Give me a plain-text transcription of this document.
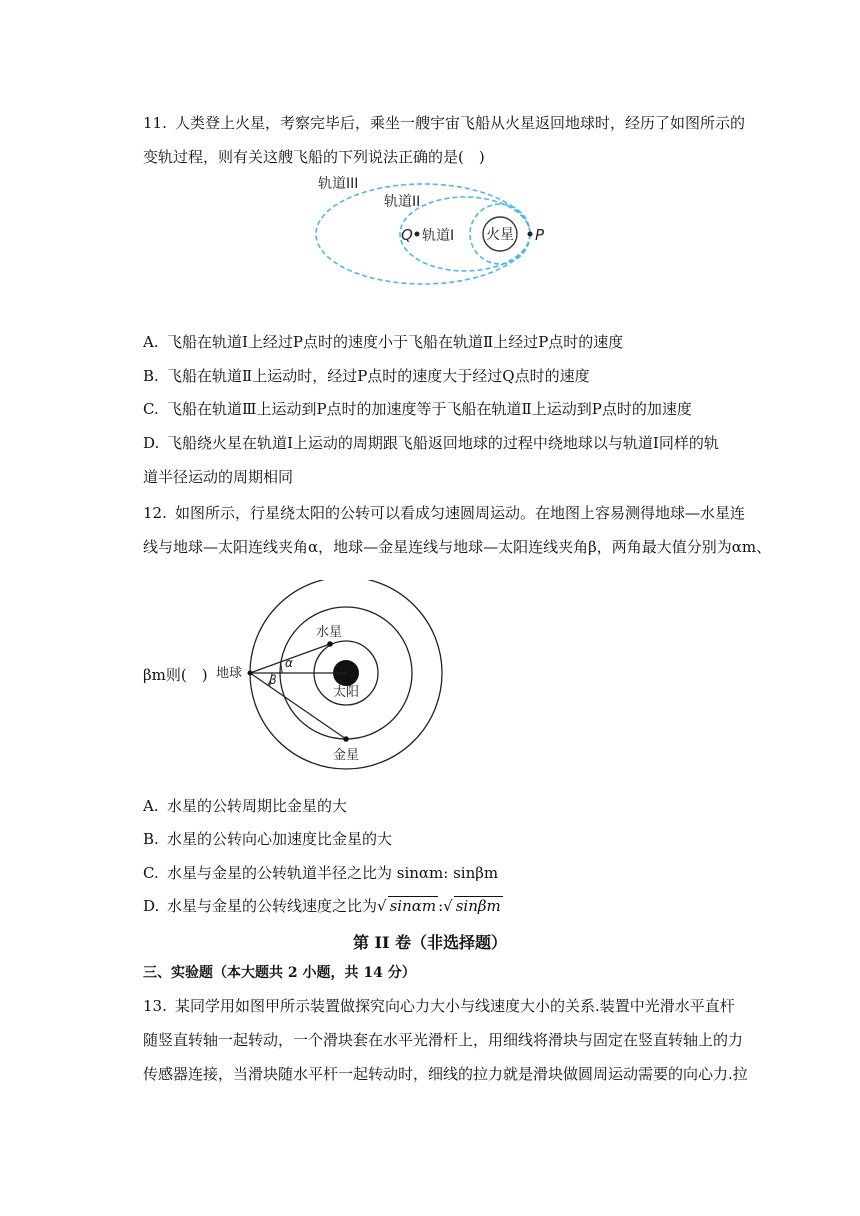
11. 人类登上火星，考察完毕后，乘坐一艘宇宙飞船从火星返回地球时，经历了如图所示的
变轨过程，则有关这艘飞船的下列说法正确的是(　)
火星
Q	P
轨道I
轨道II
轨道III
A. 飞船在轨道Ⅰ上经过P点时的速度小于飞船在轨道Ⅱ上经过P点时的速度
B. 飞船在轨道Ⅱ上运动时，经过P点时的速度大于经过Q点时的速度
C. 飞船在轨道Ⅲ上运动到P点时的加速度等于飞船在轨道Ⅱ上运动到P点时的加速度
D. 飞船绕火星在轨道Ⅰ上运动的周期跟飞船返回地球的过程中绕地球以与轨道Ⅰ同样的轨
道半径运动的周期相同
12. 如图所示，行星绕太阳的公转可以看成匀速圆周运动。在地图上容易测得地球—水星连
线与地球—太阳连线夹角α，地球—金星连线与地球—太阳连线夹角β，两角最大值分别为αm、
βm则(　)
水星
地球
太阳
金星
α
β
A. 水星的公转周期比金星的大
B. 水星的公转向心加速度比金星的大
C. 水星与金星的公转轨道半径之比为 sinαm: sinβm
D. 水星与金星的公转线速度之比为√ sinαm :√ sinβm
第 II 卷（非选择题）
三、实验题（本大题共 2 小题，共 14 分）
13. 某同学用如图甲所示装置做探究向心力大小与线速度大小的关系.装置中光滑水平直杆
随竖直转轴一起转动，一个滑块套在水平光滑杆上，用细线将滑块与固定在竖直转轴上的力
传感器连接，当滑块随水平杆一起转动时，细线的拉力就是滑块做圆周运动需要的向心力.拉
